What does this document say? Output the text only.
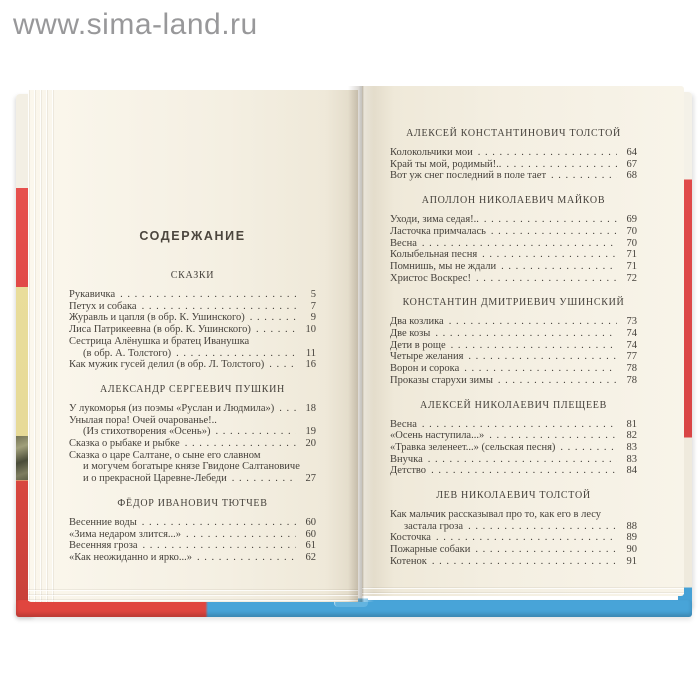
www.sima-land.ru
СОДЕРЖАНИЕ
СКАЗКИ
Рукавичка . . .	5
Петух и собака . . .	7
Журавль и цапля (в обр. К. Ушинского) . . .	9
Лиса Патрикеевна (в обр. К. Ушинского) . . .	10
Сестрица Алёнушка и братец Иванушка
(в обр. А. Толстого) . . .	11
Как мужик гусей делил (в обр. Л. Толстого) . . .	16
АЛЕКСАНДР СЕРГЕЕВИЧ ПУШКИН
У лукоморья (из поэмы «Руслан и Людмила») . . .	18
Унылая пора! Очей очарованье!..
(Из стихотворения «Осень») . . .	19
Сказка о рыбаке и рыбке . . .	20
Сказка о царе Салтане, о сыне его славном
и могучем богатыре князе Гвидоне Салтановиче
и о прекрасной Царевне-Лебеди . . .	27
ФЁДОР ИВАНОВИЧ ТЮТЧЕВ
Весенние воды . . .	60
«Зима недаром злится...» . . .	60
Весенняя гроза . . .	61
«Как неожиданно и ярко...» . . .	62
АЛЕКСЕЙ КОНСТАНТИНОВИЧ ТОЛСТОЙ
Колокольчики мои . . .	64
Край ты мой, родимый!.. . . .	67
Вот уж снег последний в поле тает . . .	68
АПОЛЛОН НИКОЛАЕВИЧ МАЙКОВ
Уходи, зима седая!.. . . .	69
Ласточка примчалась . . .	70
Весна . . .	70
Колыбельная песня . . .	71
Помнишь, мы не ждали . . .	71
Христос Воскрес! . . .	72
КОНСТАНТИН ДМИТРИЕВИЧ УШИНСКИЙ
Два козлика . . .	73
Две козы . . .	74
Дети в роще . . .	74
Четыре желания . . .	77
Ворон и сорока . . .	78
Проказы старухи зимы . . .	78
АЛЕКСЕЙ НИКОЛАЕВИЧ ПЛЕЩЕЕВ
Весна . . .	81
«Осень наступила...» . . .	82
«Травка зеленеет...» (сельская песня) . . .	83
Внучка . . .	83
Детство . . .	84
ЛЕВ НИКОЛАЕВИЧ ТОЛСТОЙ
Как мальчик рассказывал про то, как его в лесу
застала гроза . . .	88
Косточка . . .	89
Пожарные собаки . . .	90
Котенок . . .	91
